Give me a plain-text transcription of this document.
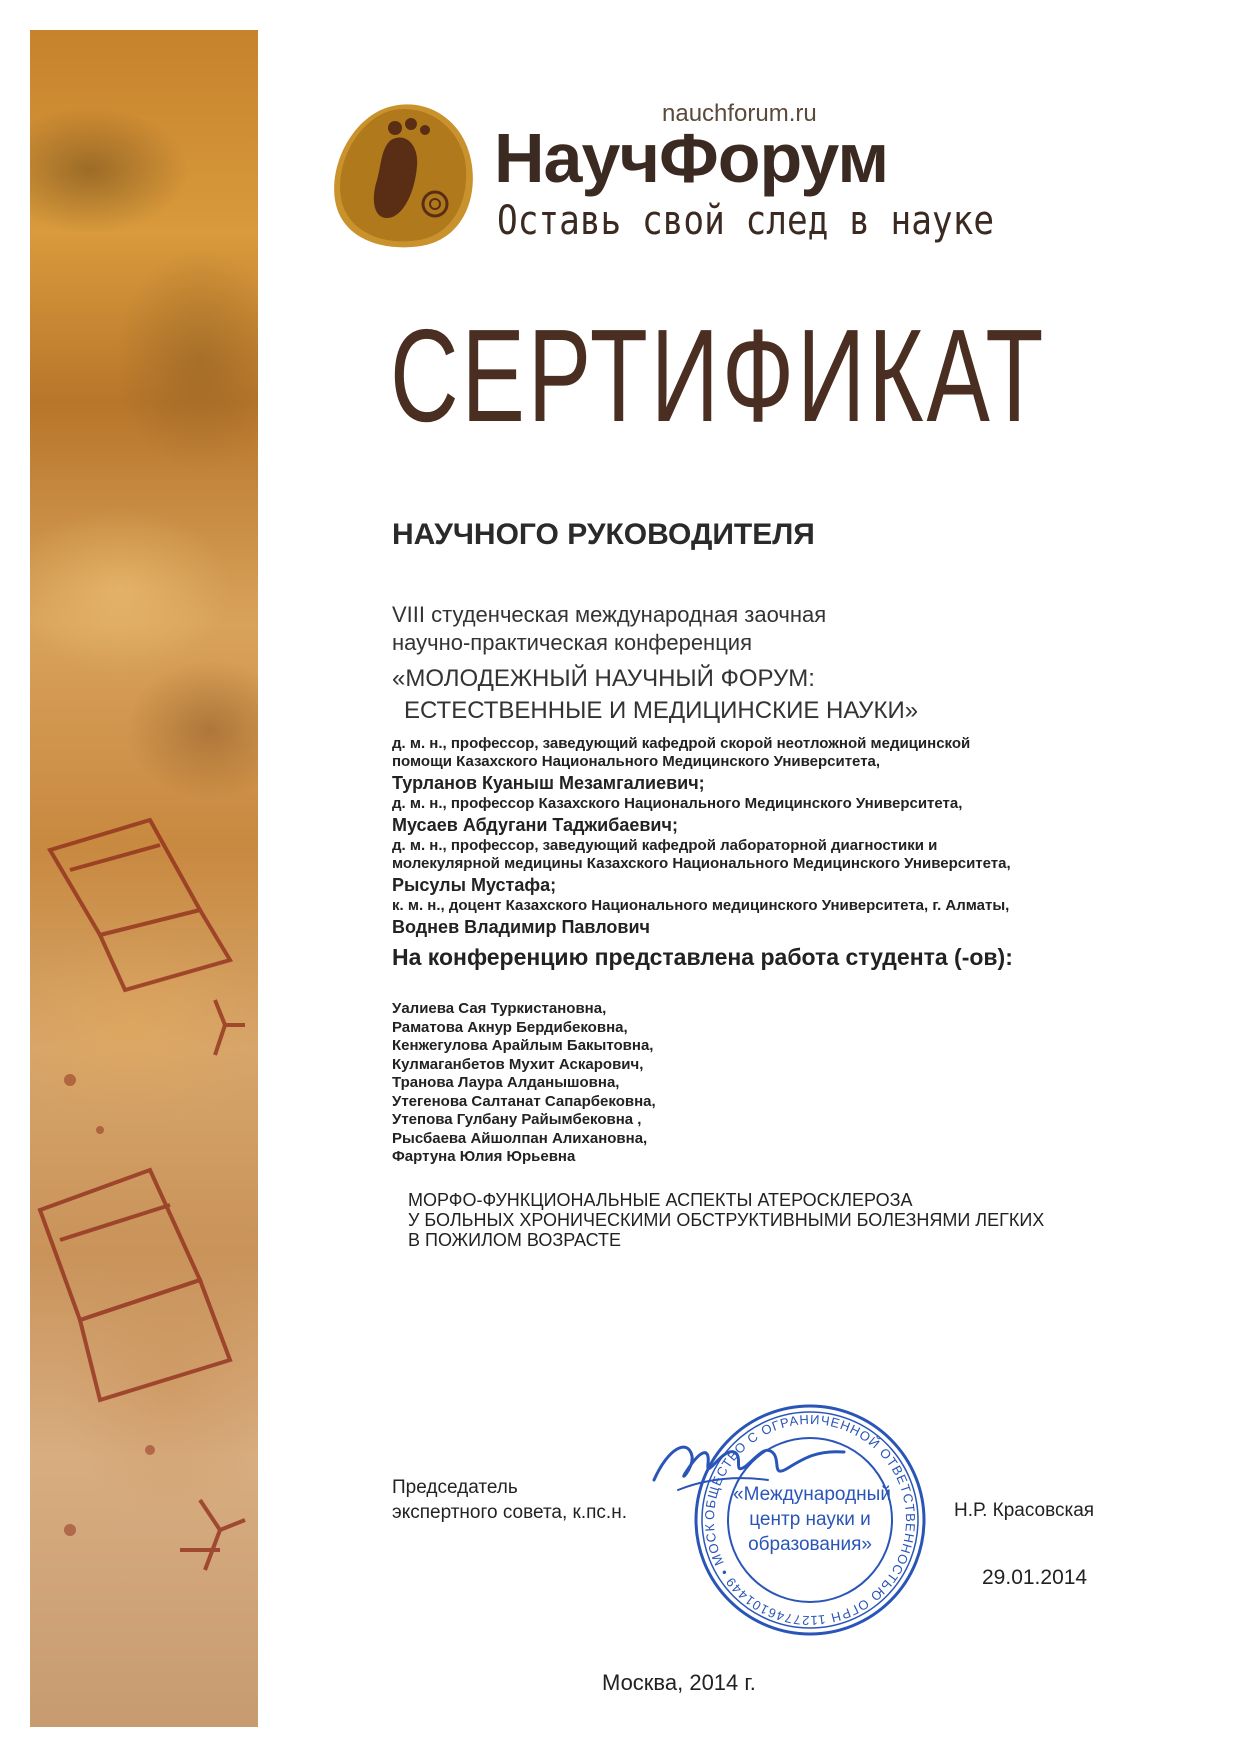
nauchforum.ru
НаучФорум
Оставь свой след в науке
СЕРТИФИКАТ
НАУЧНОГО РУКОВОДИТЕЛЯ
VIII студенческая международная заочная
научно-практическая конференция
«МОЛОДЕЖНЫЙ НАУЧНЫЙ ФОРУМ:
ЕСТЕСТВЕННЫЕ И МЕДИЦИНСКИЕ НАУКИ»
д. м. н., профессор, заведующий кафедрой скорой неотложной медицинской
помощи Казахского Национального Медицинского Университета,
Турланов Куаныш Мезамгалиевич;
д. м. н., профессор Казахского Национального Медицинского Университета,
Мусаев Абдугани Таджибаевич;
д. м. н., профессор, заведующий кафедрой лабораторной диагностики и
молекулярной медицины Казахского Национального Медицинского Университета,
Рысулы Мустафа;
к. м. н., доцент Казахского Национального медицинского Университета, г. Алматы,
Воднев Владимир Павлович
На конференцию представлена работа студента (-ов):
Уалиева Сая Туркистановна,
Раматова Акнур Бердибековна,
Кенжегулова Арайлым Бакытовна,
Кулмаганбетов Мухит Аскарович,
Транова Лаура Алданышовна,
Утегенова Салтанат Сапарбековна,
Утепова Гулбану Райымбековна ,
Рысбаева Айшолпан Алихановна,
Фартуна Юлия Юрьевна
МОРФО-ФУНКЦИОНАЛЬНЫЕ АСПЕКТЫ АТЕРОСКЛЕРОЗА
У БОЛЬНЫХ ХРОНИЧЕСКИМИ ОБСТРУКТИВНЫМИ БОЛЕЗНЯМИ ЛЕГКИХ
В ПОЖИЛОМ ВОЗРАСТЕ
Председатель
экспертного совета, к.пс.н.	ОБЩЕСТВО С ОГРАНИЧЕННОЙ ОТВЕТСТВЕННОСТЬЮ ОГРН 1127746101449 • МОСК
«Международный
центр науки и
образования»
Н.Р. Красовская
29.01.2014
Москва, 2014 г.
